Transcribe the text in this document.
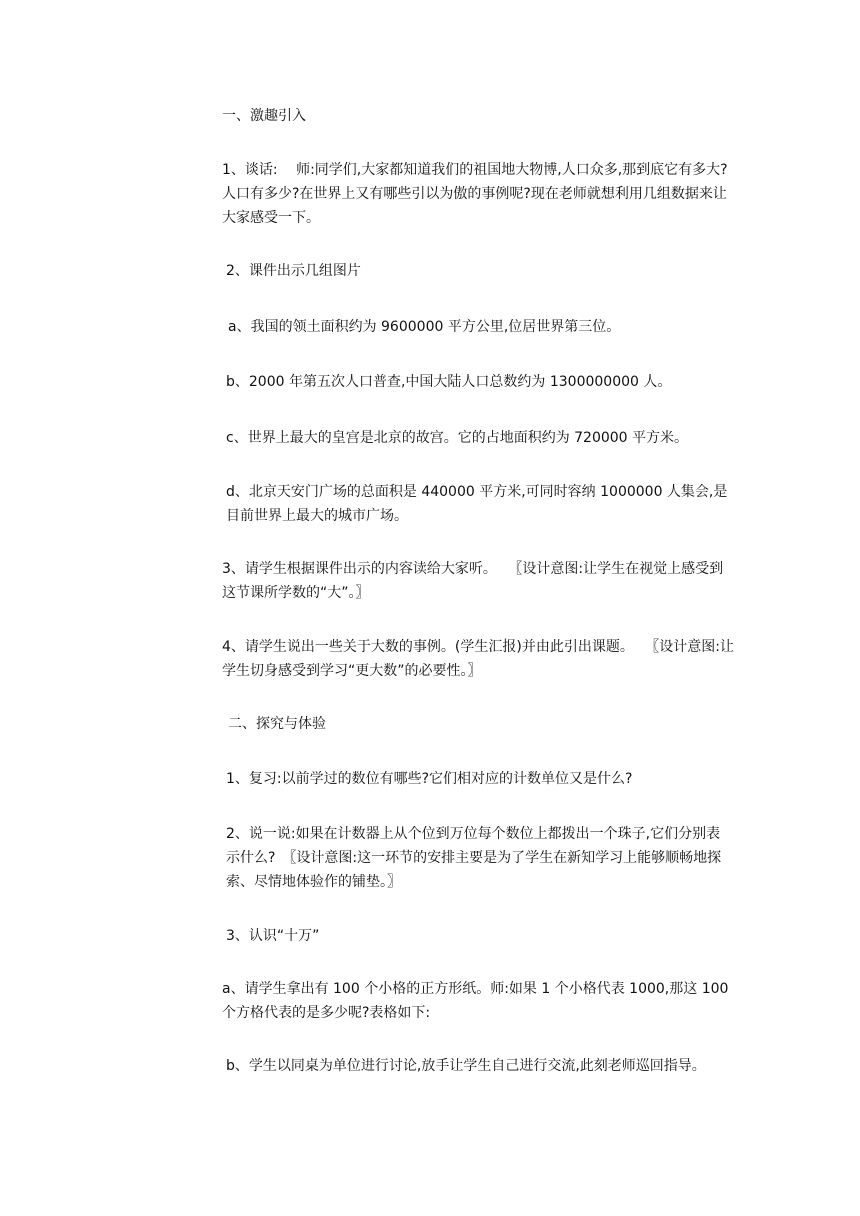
一、激趣引入

1、谈话:　 师:同学们,大家都知道我们的祖国地大物博,人口众多,那到底它有多大?人口有多少?在世界上又有哪些引以为傲的事例呢?现在老师就想利用几组数据来让大家感受一下。

2、课件出示几组图片

a、我国的领土面积约为 9600000 平方公里,位居世界第三位。

b、2000 年第五次人口普查,中国大陆人口总数约为 1300000000 人。

c、世界上最大的皇宫是北京的故宫。它的占地面积约为 720000 平方米。

d、北京天安门广场的总面积是 440000 平方米,可同时容纳 1000000 人集会,是目前世界上最大的城市广场。

3、请学生根据课件出示的内容读给大家听。　 〖设计意图:让学生在视觉上感受到这节课所学数的“大”。〗

4、请学生说出一些关于大数的事例。(学生汇报)并由此引出课题。　 〖设计意图:让学生切身感受到学习“更大数”的必要性。〗

二、探究与体验

1、复习:以前学过的数位有哪些?它们相对应的计数单位又是什么?

2、说一说:如果在计数器上从个位到万位每个数位上都拨出一个珠子,它们分别表示什么?　〖设计意图:这一环节的安排主要是为了学生在新知学习上能够顺畅地探索、尽情地体验作的铺垫。〗

3、认识“十万”

a、请学生拿出有 100 个小格的正方形纸。师:如果 1 个小格代表 1000,那这 100 个方格代表的是多少呢?表格如下:

b、学生以同桌为单位进行讨论,放手让学生自己进行交流,此刻老师巡回指导。
